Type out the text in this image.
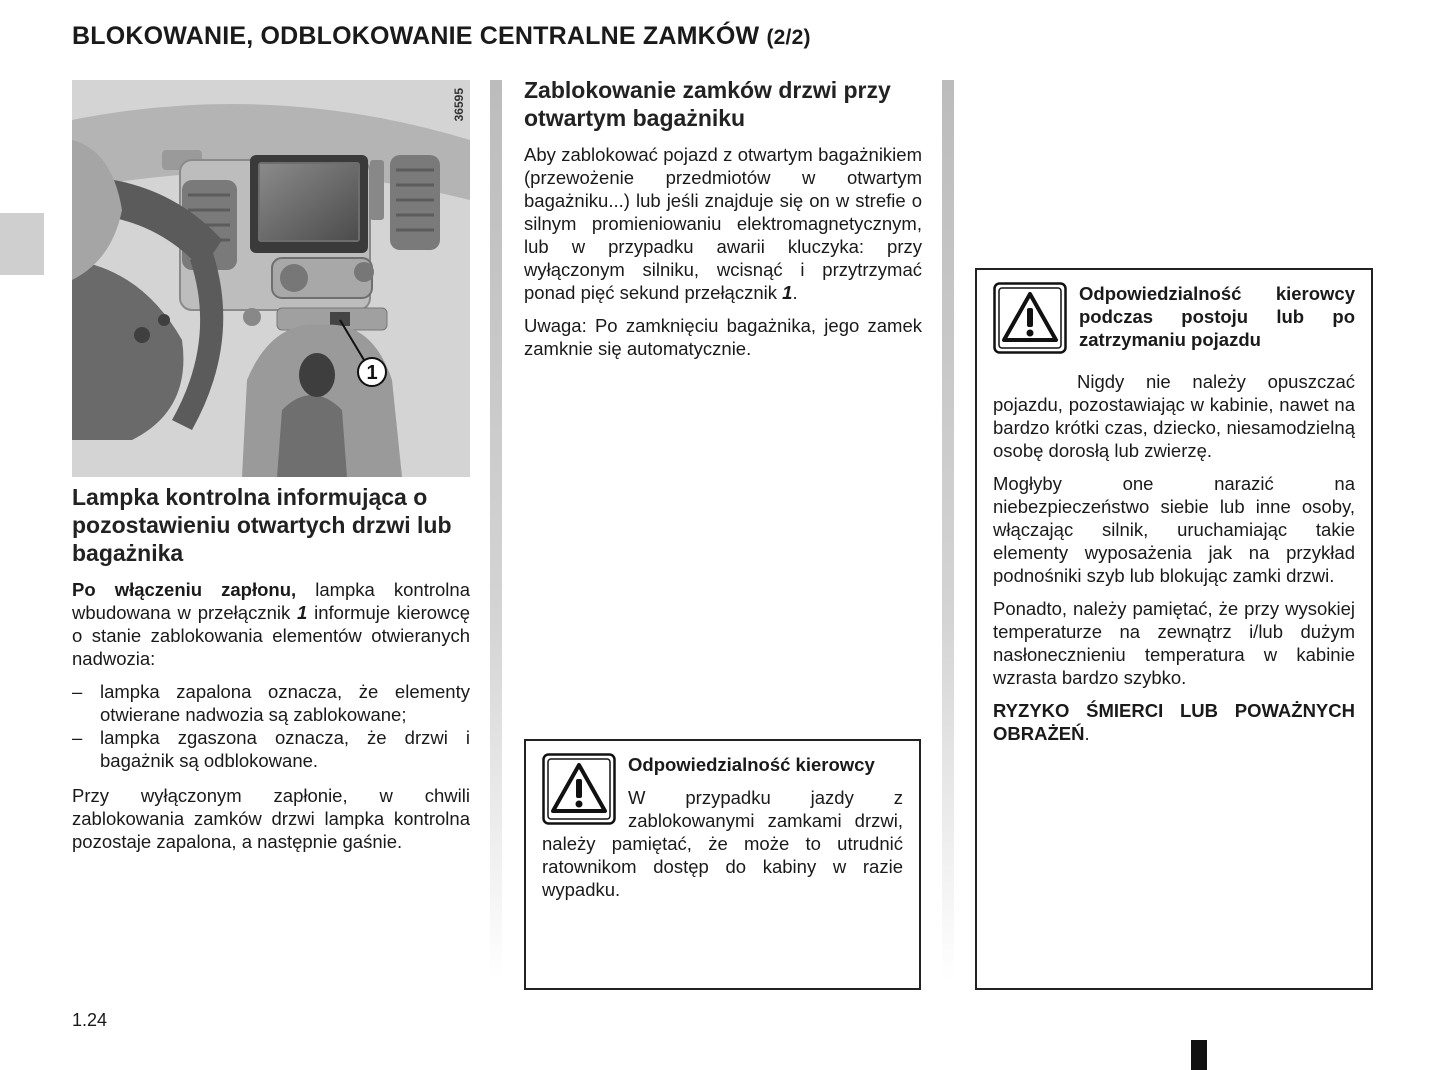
BLOKOWANIE, ODBLOKOWANIE CENTRALNE ZAMKÓW (2/2)
1
36595
Lampka kontrolna informująca o pozostawieniu otwartych drzwi lub bagażnika

Po włączeniu zapłonu, lampka kontrolna wbudowana w przełącznik 1 informuje kierowcę o stanie zablokowania elementów otwieranych nadwozia:

– lampka zapalona oznacza, że elementy otwierane nadwozia są zablokowane;
– lampka zgaszona oznacza, że drzwi i bagażnik są odblokowane.

Przy wyłączonym zapłonie, w chwili zablokowania zamków drzwi lampka kontrolna pozostaje zapalona, a następnie gaśnie.

Zablokowanie zamków drzwi przy otwartym bagażniku

Aby zablokować pojazd z otwartym bagażnikiem (przewożenie przedmiotów w otwartym bagażniku...) lub jeśli znajduje się on w strefie o silnym promieniowaniu elektromagnetycznym, lub w przypadku awarii kluczyka: przy wyłączonym silniku, wcisnąć i przytrzymać ponad pięć sekund przełącznik 1.

Uwaga: Po zamknięciu bagażnika, jego zamek zamknie się automatycznie.

Odpowiedzialność kierowcy

W przypadku jazdy z zablokowanymi zamkami drzwi, należy pamiętać, że może to utrudnić ratownikom dostęp do kabiny w razie wypadku.

Odpowiedzialność kierowcy podczas postoju lub po zatrzymaniu pojazdu

Nigdy nie należy opuszczać pojazdu, pozostawiając w kabinie, nawet na bardzo krótki czas, dziecko, niesamodzielną osobę dorosłą lub zwierzę.

Mogłyby one narazić na
niebezpieczeństwo siebie lub inne osoby, włączając silnik, uruchamiając takie elementy wyposażenia jak na przykład podnośniki szyb lub blokując zamki drzwi.

Ponadto, należy pamiętać, że przy wysokiej temperaturze na zewnątrz i/lub dużym nasłonecznieniu temperatura w kabinie wzrasta bardzo szybko.

RYZYKO ŚMIERCI LUB POWAŻNYCH OBRAŻEŃ.

1.24
